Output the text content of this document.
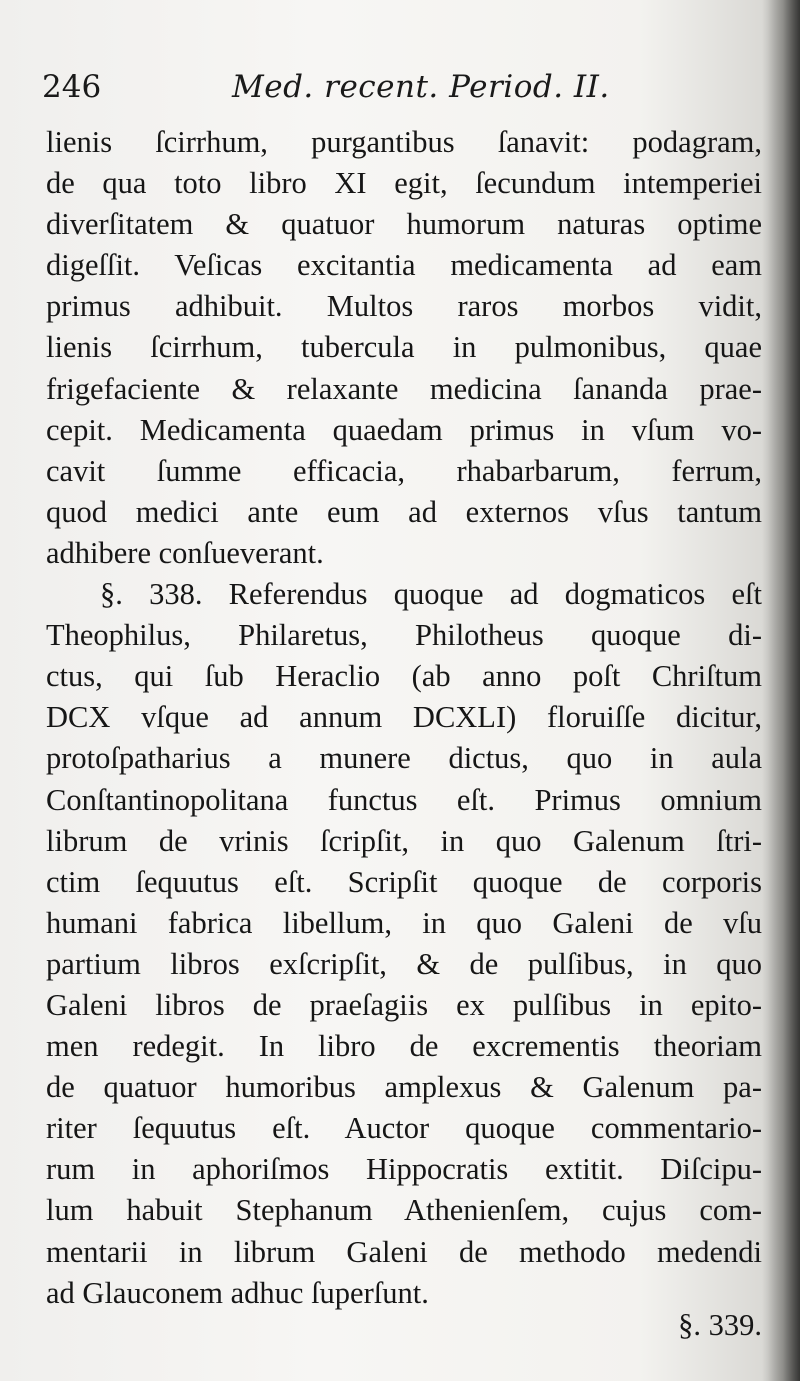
246	Med. recent. Period. II.
lienis ſcirrhum, purgantibus ſanavit: podagram,
de qua toto libro XI egit, ſecundum intemperiei
diverſitatem & quatuor humorum naturas optime
digeſſit. Veſicas excitantia medicamenta ad eam
primus adhibuit. Multos raros morbos vidit,
lienis ſcirrhum, tubercula in pulmonibus, quae
frigefaciente & relaxante medicina ſananda prae-
cepit. Medicamenta quaedam primus in vſum vo-
cavit ſumme efficacia, rhabarbarum, ferrum,
quod medici ante eum ad externos vſus tantum
adhibere conſueverant.
§. 338. Referendus quoque ad dogmaticos eſt
Theophilus, Philaretus, Philotheus quoque di-
ctus, qui ſub Heraclio (ab anno poſt Chriſtum
DCX vſque ad annum DCXLI) floruiſſe dicitur,
protoſpatharius a munere dictus, quo in aula
Conſtantinopolitana functus eſt. Primus omnium
librum de vrinis ſcripſit, in quo Galenum ſtri-
ctim ſequutus eſt. Scripſit quoque de corporis
humani fabrica libellum, in quo Galeni de vſu
partium libros exſcripſit, & de pulſibus, in quo
Galeni libros de praeſagiis ex pulſibus in epito-
men redegit. In libro de excrementis theoriam
de quatuor humoribus amplexus & Galenum pa-
riter ſequutus eſt. Auctor quoque commentario-
rum in aphoriſmos Hippocratis extitit. Diſcipu-
lum habuit Stephanum Athenienſem, cujus com-
mentarii in librum Galeni de methodo medendi
ad Glauconem adhuc ſuperſunt.
§. 339.
